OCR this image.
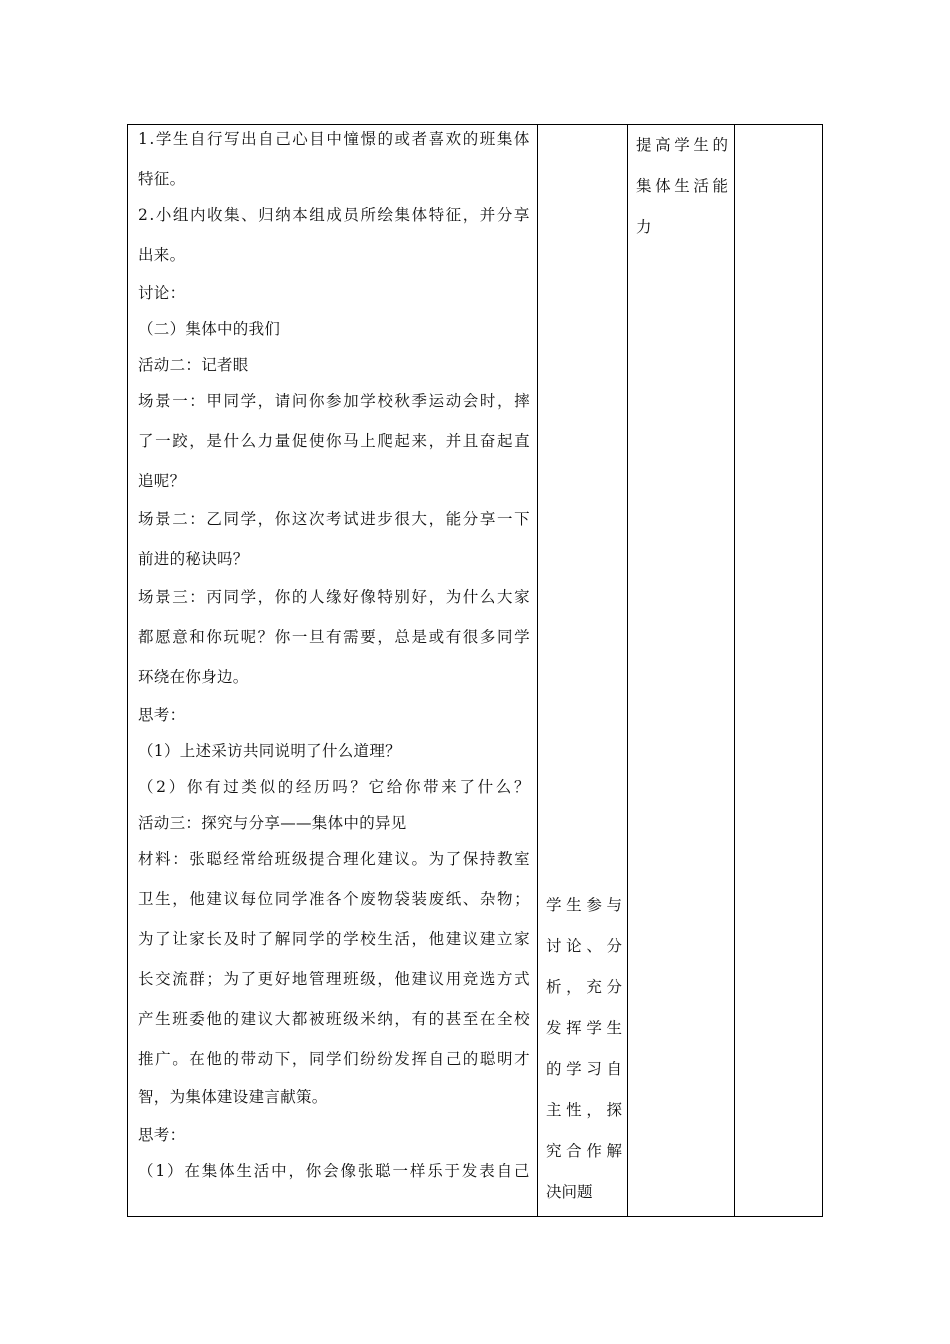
1 . 学 生 自 行 写 出 自 己 心 目 中 憧 憬 的 或 者 喜 欢 的 班 集 体
特征。
2 . 小 组 内 收 集 、 归 纳 本 组 成 员 所 绘 集 体 特 征 ， 并 分 享
出来。
讨论：
（二）集体中的我们
活动二：记者眼
场 景 一 ： 甲 同 学 ， 请 问 你 参 加 学 校 秋 季 运 动 会 时 ， 摔
了 一 跤 ， 是 什 么 力 量 促 使 你 马 上 爬 起 来 ， 并 且 奋 起 直
追呢？
场 景 二 ： 乙 同 学 ， 你 这 次 考 试 进 步 很 大 ， 能 分 享 一 下
前进的秘诀吗？
场 景 三 ： 丙 同 学 ， 你 的 人 缘 好 像 特 别 好 ， 为 什 么 大 家
都 愿 意 和 你 玩 呢 ？ 你 一 旦 有 需 要 ， 总 是 或 有 很 多 同 学
环绕在你身边。
思考：
（1）上述采访共同说明了什么道理？
（ 2 ） 你 有 过 类 似 的 经 历 吗 ？ 它 给 你 带 来 了 什 么 ？
活动三：探究与分享——集体中的异见
材 料 ： 张 聪 经 常 给 班 级 提 合 理 化 建 议 。 为 了 保 持 教 室
卫 生 ， 他 建 议 每 位 同 学 准 各 个 废 物 袋 装 废 纸 、 杂 物 ；
为 了 让 家 长 及 时 了 解 同 学 的 学 校 生 活 ， 他 建 议 建 立 家
长 交 流 群 ； 为 了 更 好 地 管 理 班 级 ， 他 建 议 用 竞 选 方 式
产 生 班 委 他 的 建 议 大 都 被 班 级 米 纳 ， 有 的 甚 至 在 全 校
推 广 。 在 他 的 带 动 下 ， 同 学 们 纷 纷 发 挥 自 己 的 聪 明 才
智，为集体建设建言献策。
思考：
（ 1 ） 在 集 体 生 活 中 ， 你 会 像 张 聪 一 样 乐 于 发 表 自 己
学 生 参 与
讨 论 、 分
析 ， 充 分
发 挥 学 生
的 学 习 自
主 性 ， 探
究 合 作 解
决问题
提 高 学 生 的
集 体 生 活 能
力
